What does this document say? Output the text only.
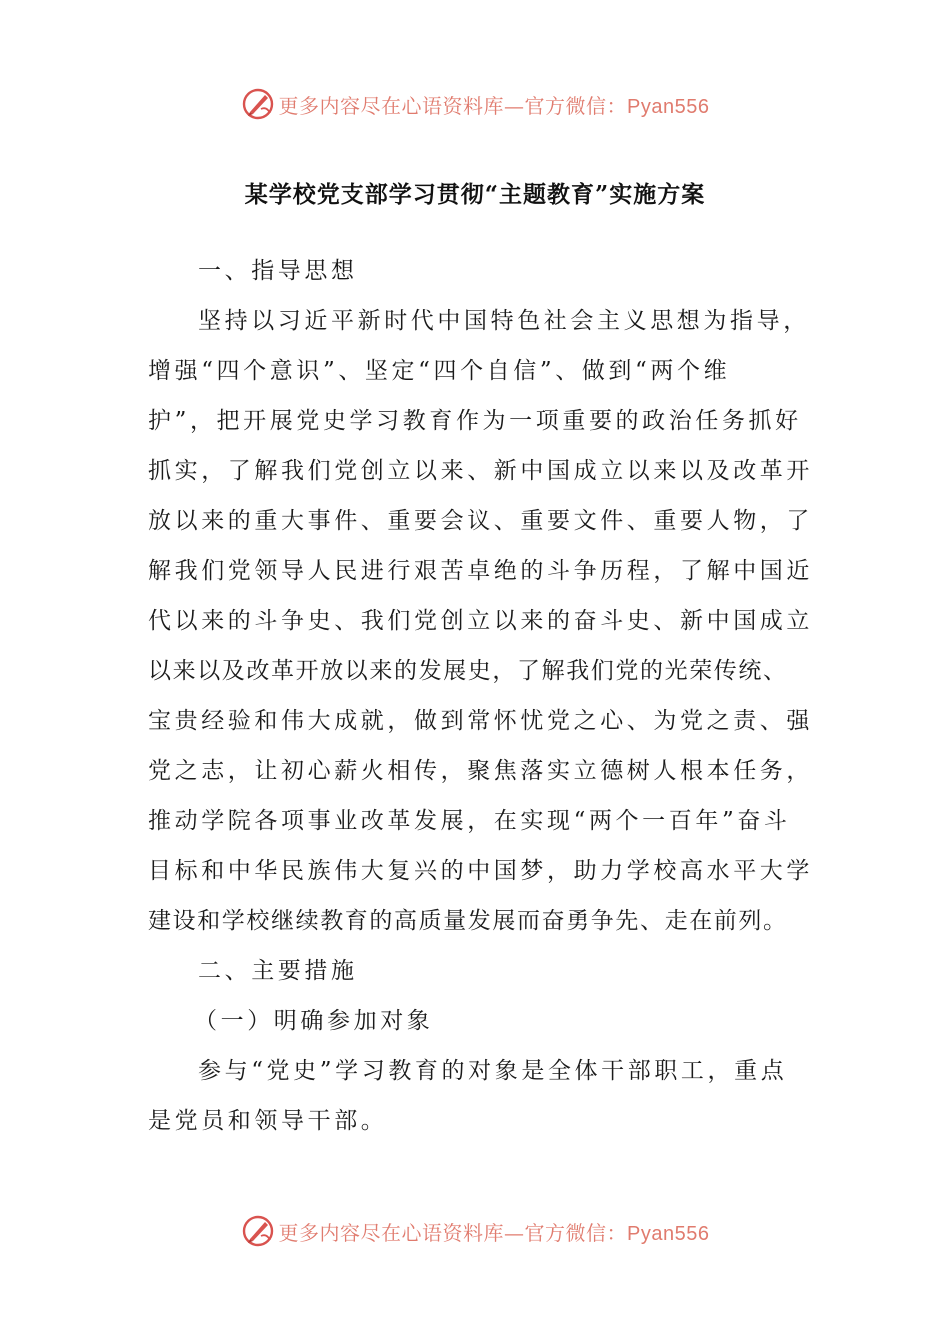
更多内容尽在心语资料库—官方微信：Pyan556
某学校党支部学习贯彻“主题教育”实施方案
一、指导思想
坚持以习近平新时代中国特色社会主义思想为指导，
增强“四个意识”、坚定“四个自信”、做到“两个维
护”，把开展党史学习教育作为一项重要的政治任务抓好
抓实，了解我们党创立以来、新中国成立以来以及改革开
放以来的重大事件、重要会议、重要文件、重要人物，了
解我们党领导人民进行艰苦卓绝的斗争历程，了解中国近
代以来的斗争史、我们党创立以来的奋斗史、新中国成立
以来以及改革开放以来的发展史，了解我们党的光荣传统、
宝贵经验和伟大成就，做到常怀忧党之心、为党之责、强
党之志，让初心薪火相传，聚焦落实立德树人根本任务，
推动学院各项事业改革发展，在实现“两个一百年”奋斗
目标和中华民族伟大复兴的中国梦，助力学校高水平大学
建设和学校继续教育的高质量发展而奋勇争先、走在前列。
二、主要措施
（一）明确参加对象
参与“党史”学习教育的对象是全体干部职工，重点
是党员和领导干部。
更多内容尽在心语资料库—官方微信：Pyan556
